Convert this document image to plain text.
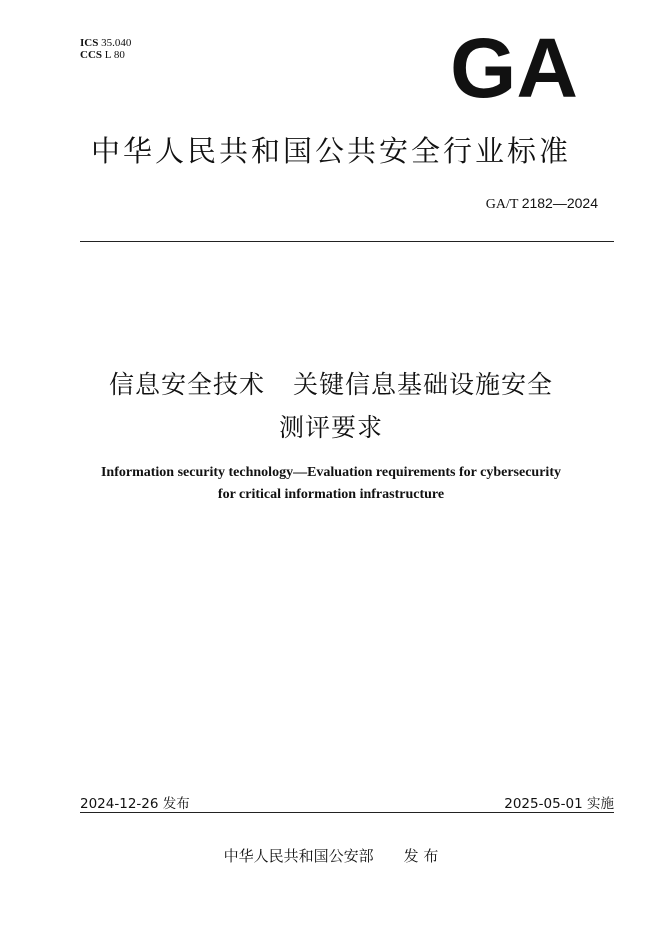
ICS 35.040
CCS L 80	GA
中华人民共和国公共安全行业标准
GA/T 2182—2024
信息安全技术 关键信息基础设施安全
测评要求
Information security technology—Evaluation requirements for cybersecurity
for critical information infrastructure
2024-12-26 发布	2025-05-01 实施
中华人民共和国公安部 发 布
